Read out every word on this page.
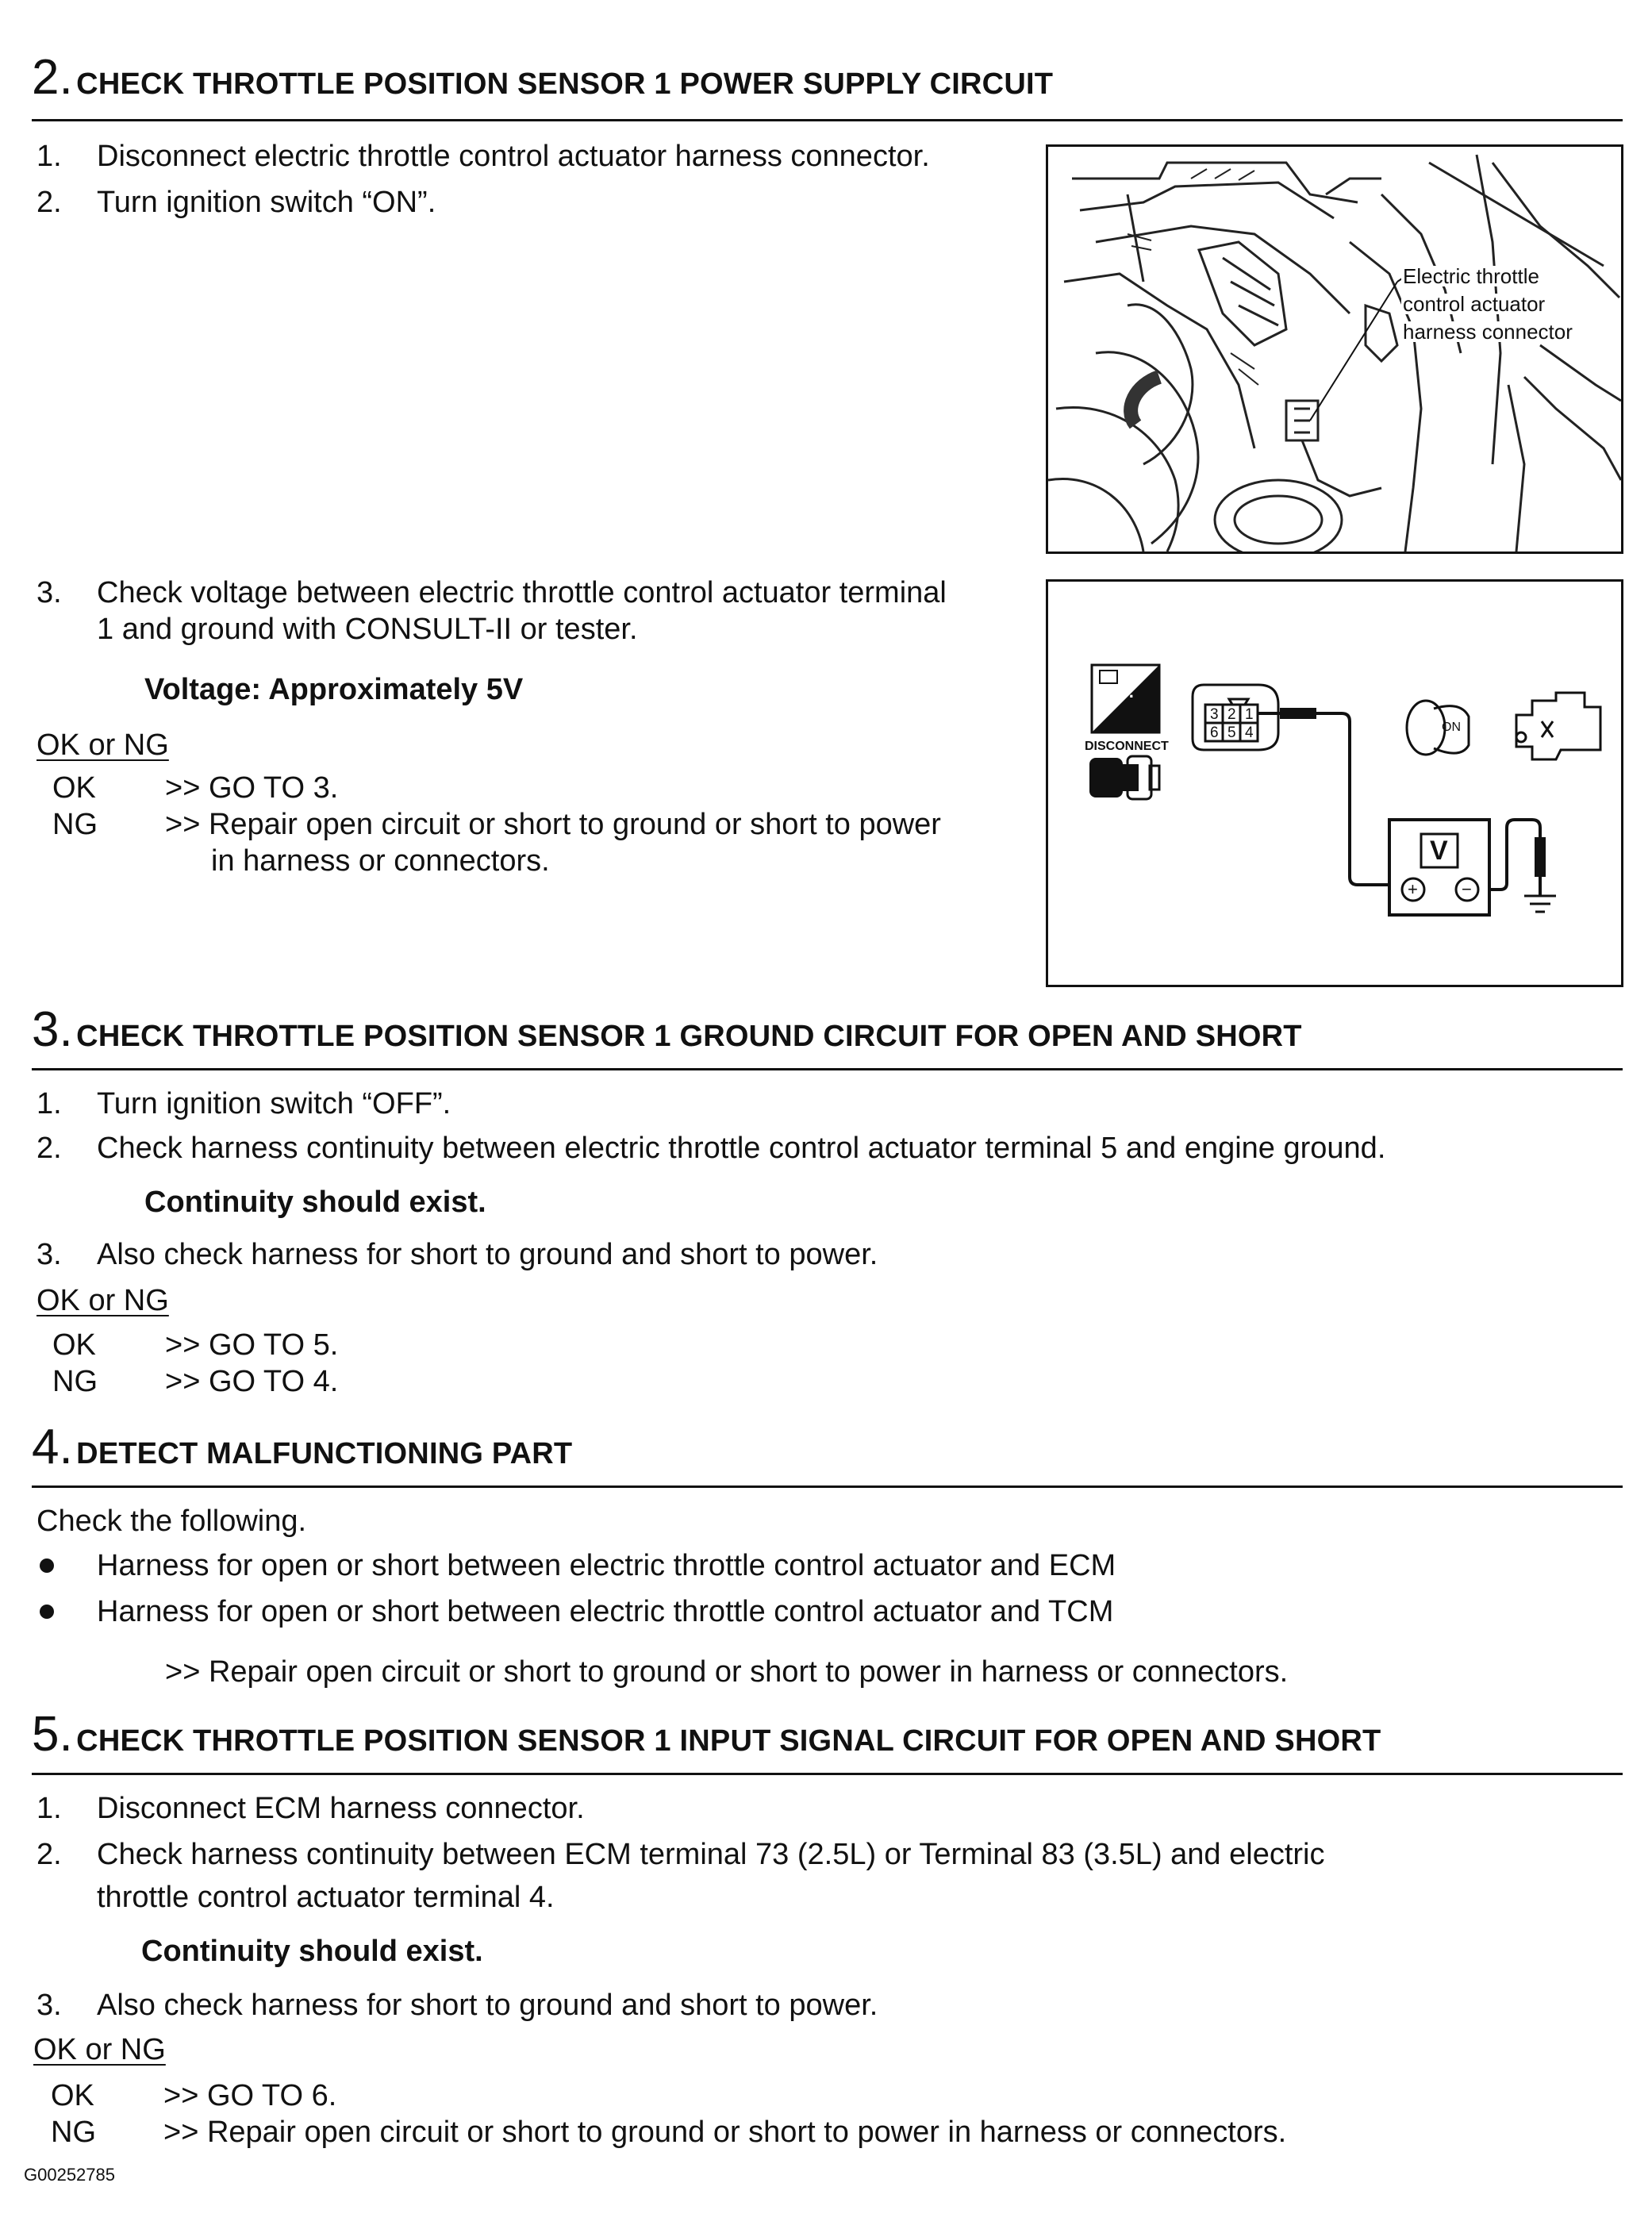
2. CHECK THROTTLE POSITION SENSOR 1 POWER SUPPLY CIRCUIT
1. Disconnect electric throttle control actuator harness connector.
2. Turn ignition switch “ON”.
Electric throttle
control actuator
harness connector
3. Check voltage between electric throttle control actuator terminal
1 and ground with CONSULT-II or tester.
Voltage: Approximately 5V
OK or NG
OK >> GO TO 3.
NG >> Repair open circuit or short to ground or short to power
in harness or connectors.
T.S.
DISCONNECT
3 2 1
6 5 4
V
+	−
ON
3. CHECK THROTTLE POSITION SENSOR 1 GROUND CIRCUIT FOR OPEN AND SHORT
1. Turn ignition switch “OFF”.
2. Check harness continuity between electric throttle control actuator terminal 5 and engine ground.
Continuity should exist.
3. Also check harness for short to ground and short to power.
OK or NG
OK >> GO TO 5.
NG >> GO TO 4.
4. DETECT MALFUNCTIONING PART
Check the following.
Harness for open or short between electric throttle control actuator and ECM
Harness for open or short between electric throttle control actuator and TCM
>> Repair open circuit or short to ground or short to power in harness or connectors.
5. CHECK THROTTLE POSITION SENSOR 1 INPUT SIGNAL CIRCUIT FOR OPEN AND SHORT
1. Disconnect ECM harness connector.
2. Check harness continuity between ECM terminal 73 (2.5L) or Terminal 83 (3.5L) and electric
throttle control actuator terminal 4.
Continuity should exist.
3. Also check harness for short to ground and short to power.
OK or NG
OK >> GO TO 6.
NG >> Repair open circuit or short to ground or short to power in harness or connectors.
G00252785
